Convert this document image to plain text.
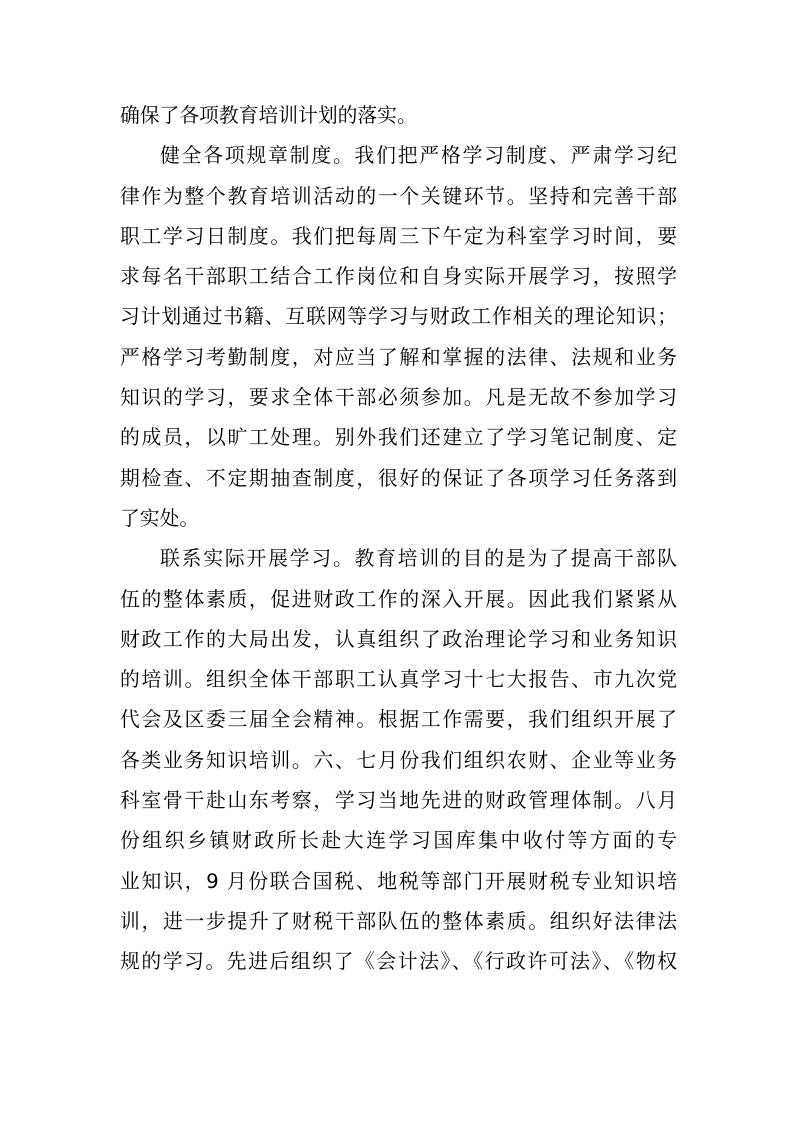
确保了各项教育培训计划的落实。
健全各项规章制度。我们把严格学习制度、严肃学习纪
律作为整个教育培训活动的一个关键环节。坚持和完善干部
职工学习日制度。我们把每周三下午定为科室学习时间，要
求每名干部职工结合工作岗位和自身实际开展学习，按照学
习计划通过书籍、互联网等学习与财政工作相关的理论知识；
严格学习考勤制度，对应当了解和掌握的法律、法规和业务
知识的学习，要求全体干部必须参加。凡是无故不参加学习
的成员，以旷工处理。别外我们还建立了学习笔记制度、定
期检查、不定期抽查制度，很好的保证了各项学习任务落到
了实处。
联系实际开展学习。教育培训的目的是为了提高干部队
伍的整体素质，促进财政工作的深入开展。因此我们紧紧从
财政工作的大局出发，认真组织了政治理论学习和业务知识
的培训。组织全体干部职工认真学习十七大报告、市九次党
代会及区委三届全会精神。根据工作需要，我们组织开展了
各类业务知识培训。六、七月份我们组织农财、企业等业务
科室骨干赴山东考察，学习当地先进的财政管理体制。八月
份组织乡镇财政所长赴大连学习国库集中收付等方面的专
业知识，9 月份联合国税、地税等部门开展财税专业知识培
训，进一步提升了财税干部队伍的整体素质。组织好法律法
规的学习。先进后组织了《会计法》、《行政许可法》、《物权
